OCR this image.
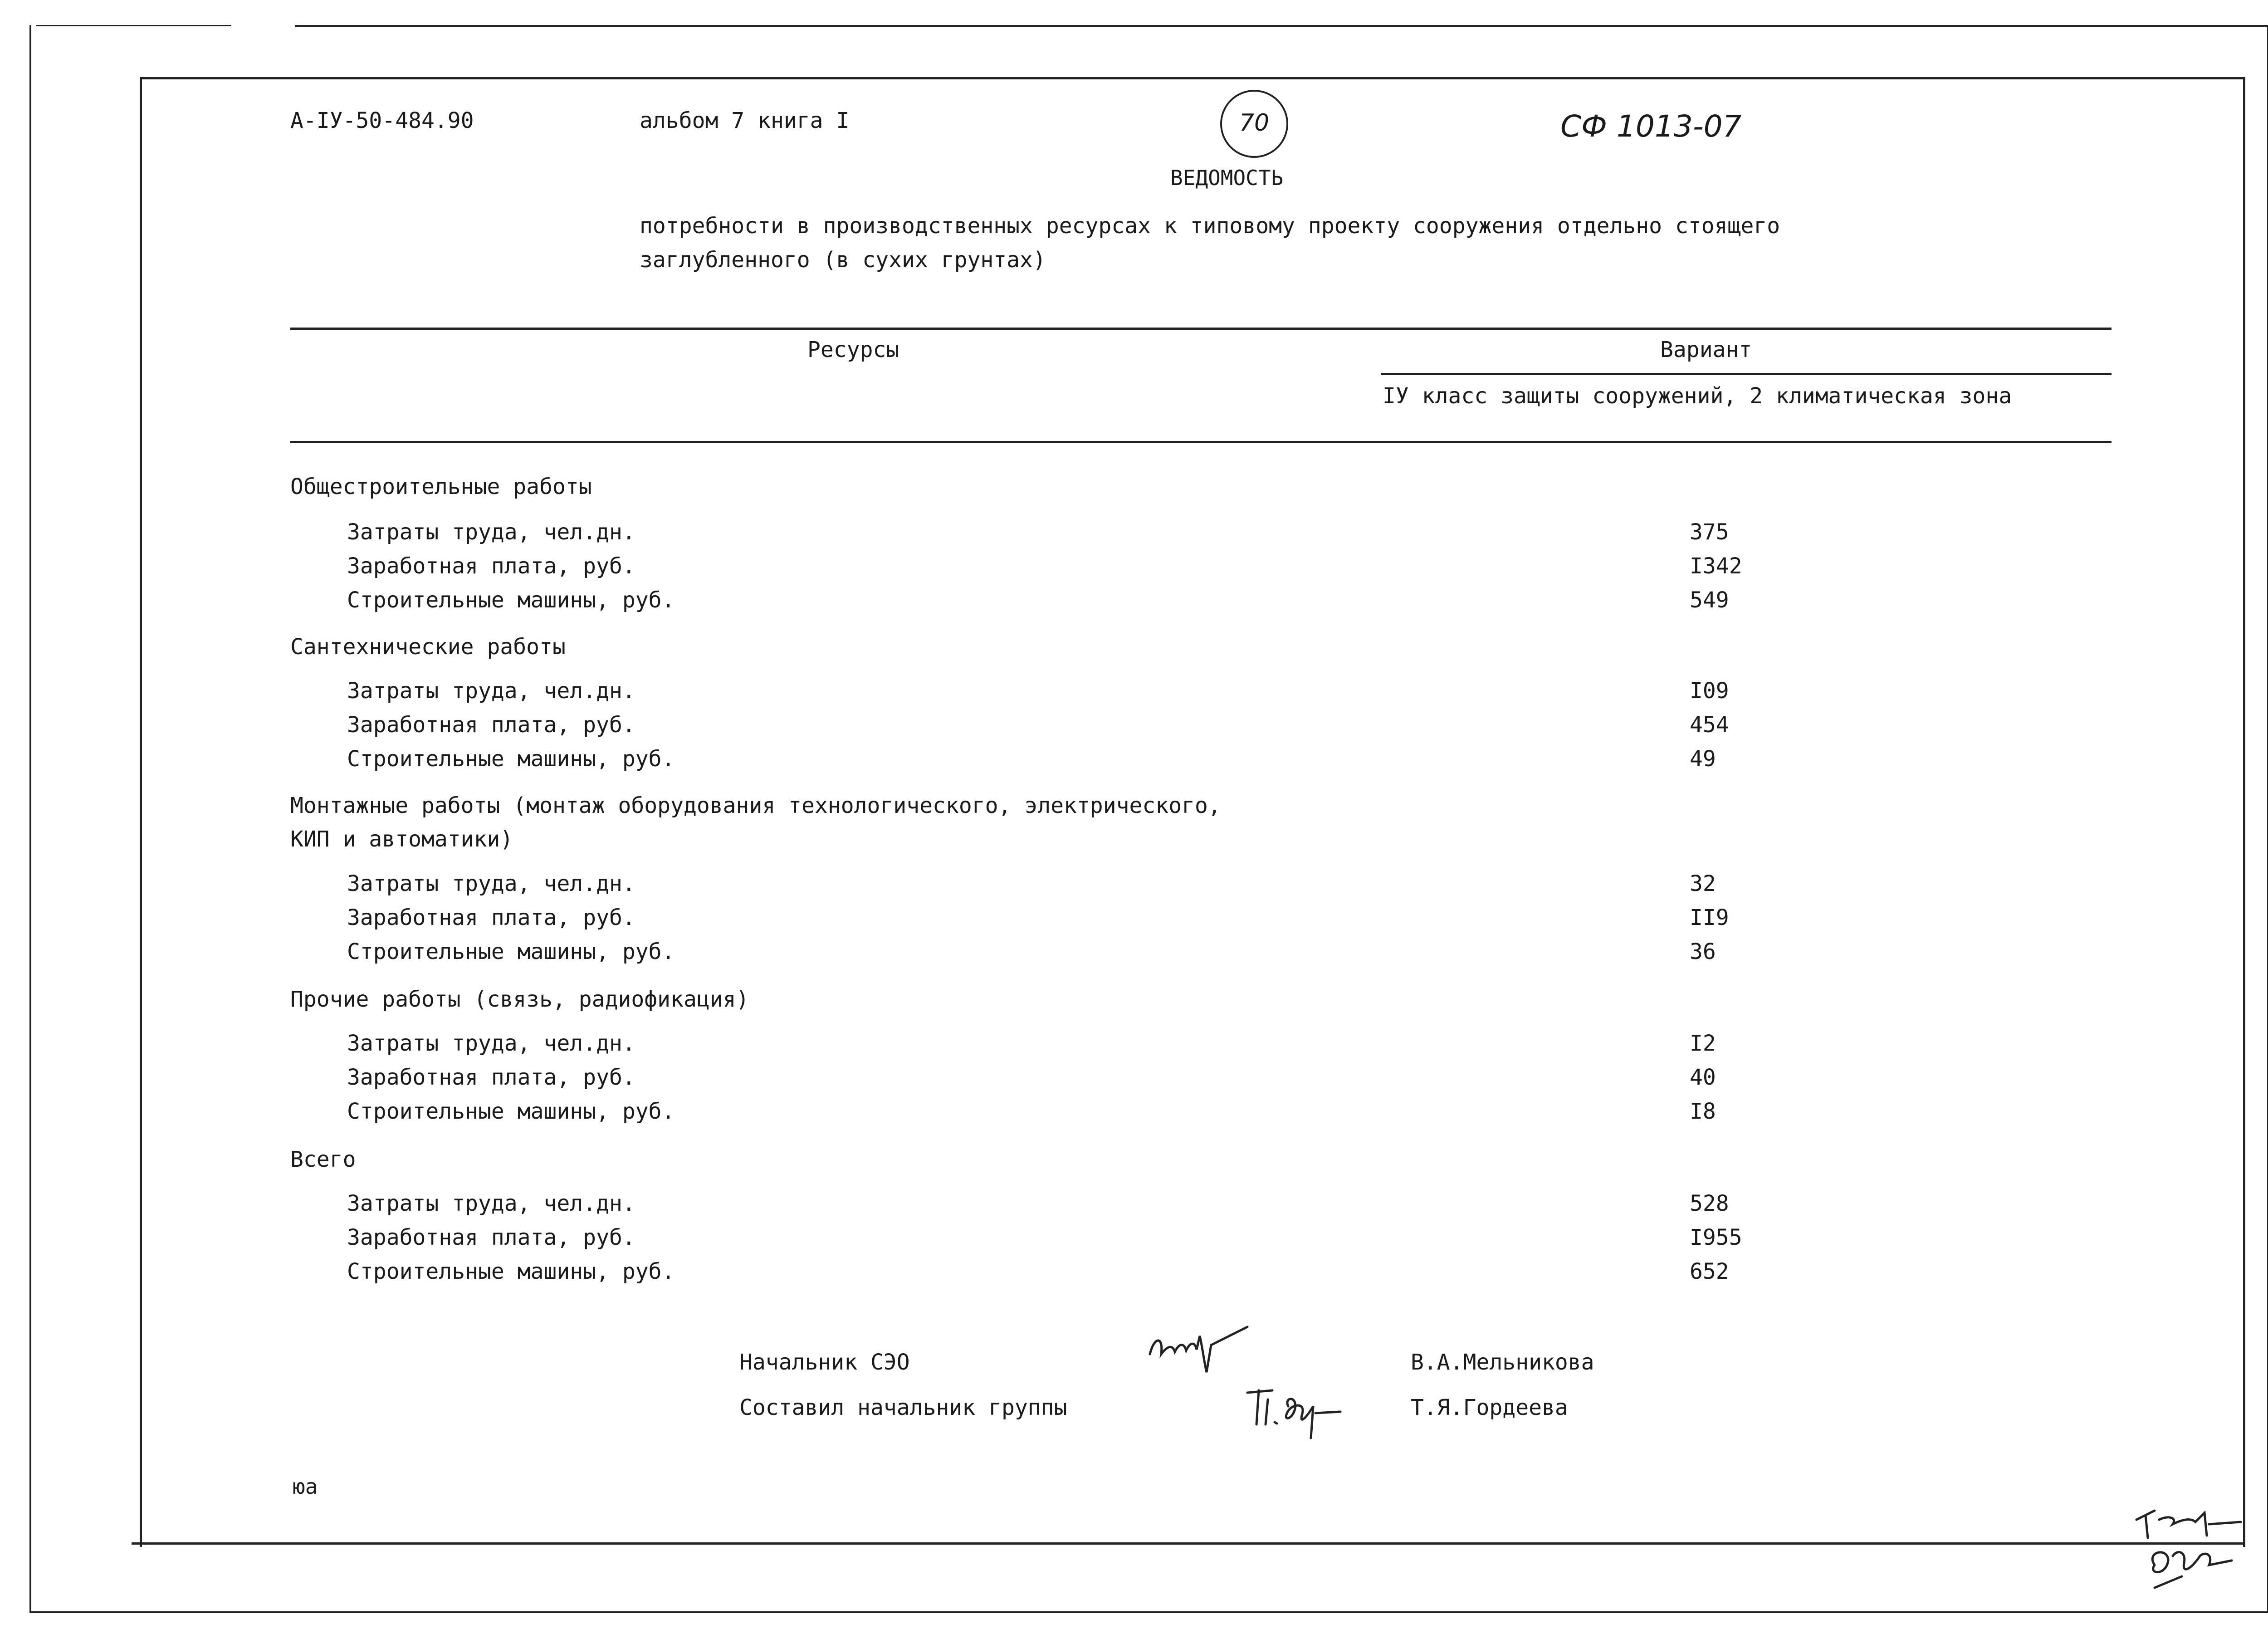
А-IУ-50-484.90	альбом 7 книга I	70	СФ 1013-07
ВЕДОМОСТЬ
потребности в производственных ресурсах к типовому проекту сооружения отдельно стоящего
заглубленного (в сухих грунтах)
Ресурсы	Вариант
IУ класс защиты сооружений, 2 климатическая зона
Общестроительные работы
Затраты труда, чел.дн.	375
Заработная плата, руб.	I342
Строительные машины, руб.	549
Сантехнические работы
Затраты труда, чел.дн.	I09
Заработная плата, руб.	454
Строительные машины, руб.	49
Монтажные работы (монтаж оборудования технологического, электрического,
КИП и автоматики)
Затраты труда, чел.дн.	32
Заработная плата, руб.	II9
Строительные машины, руб.	36
Прочие работы (связь, радиофикация)
Затраты труда, чел.дн.	I2
Заработная плата, руб.	40
Строительные машины, руб.	I8
Всего
Затраты труда, чел.дн.	528
Заработная плата, руб.	I955
Строительные машины, руб.	652
Начальник СЭО
Составил начальник группы
В.А.Мельникова
Т.Я.Гордеева
юа
